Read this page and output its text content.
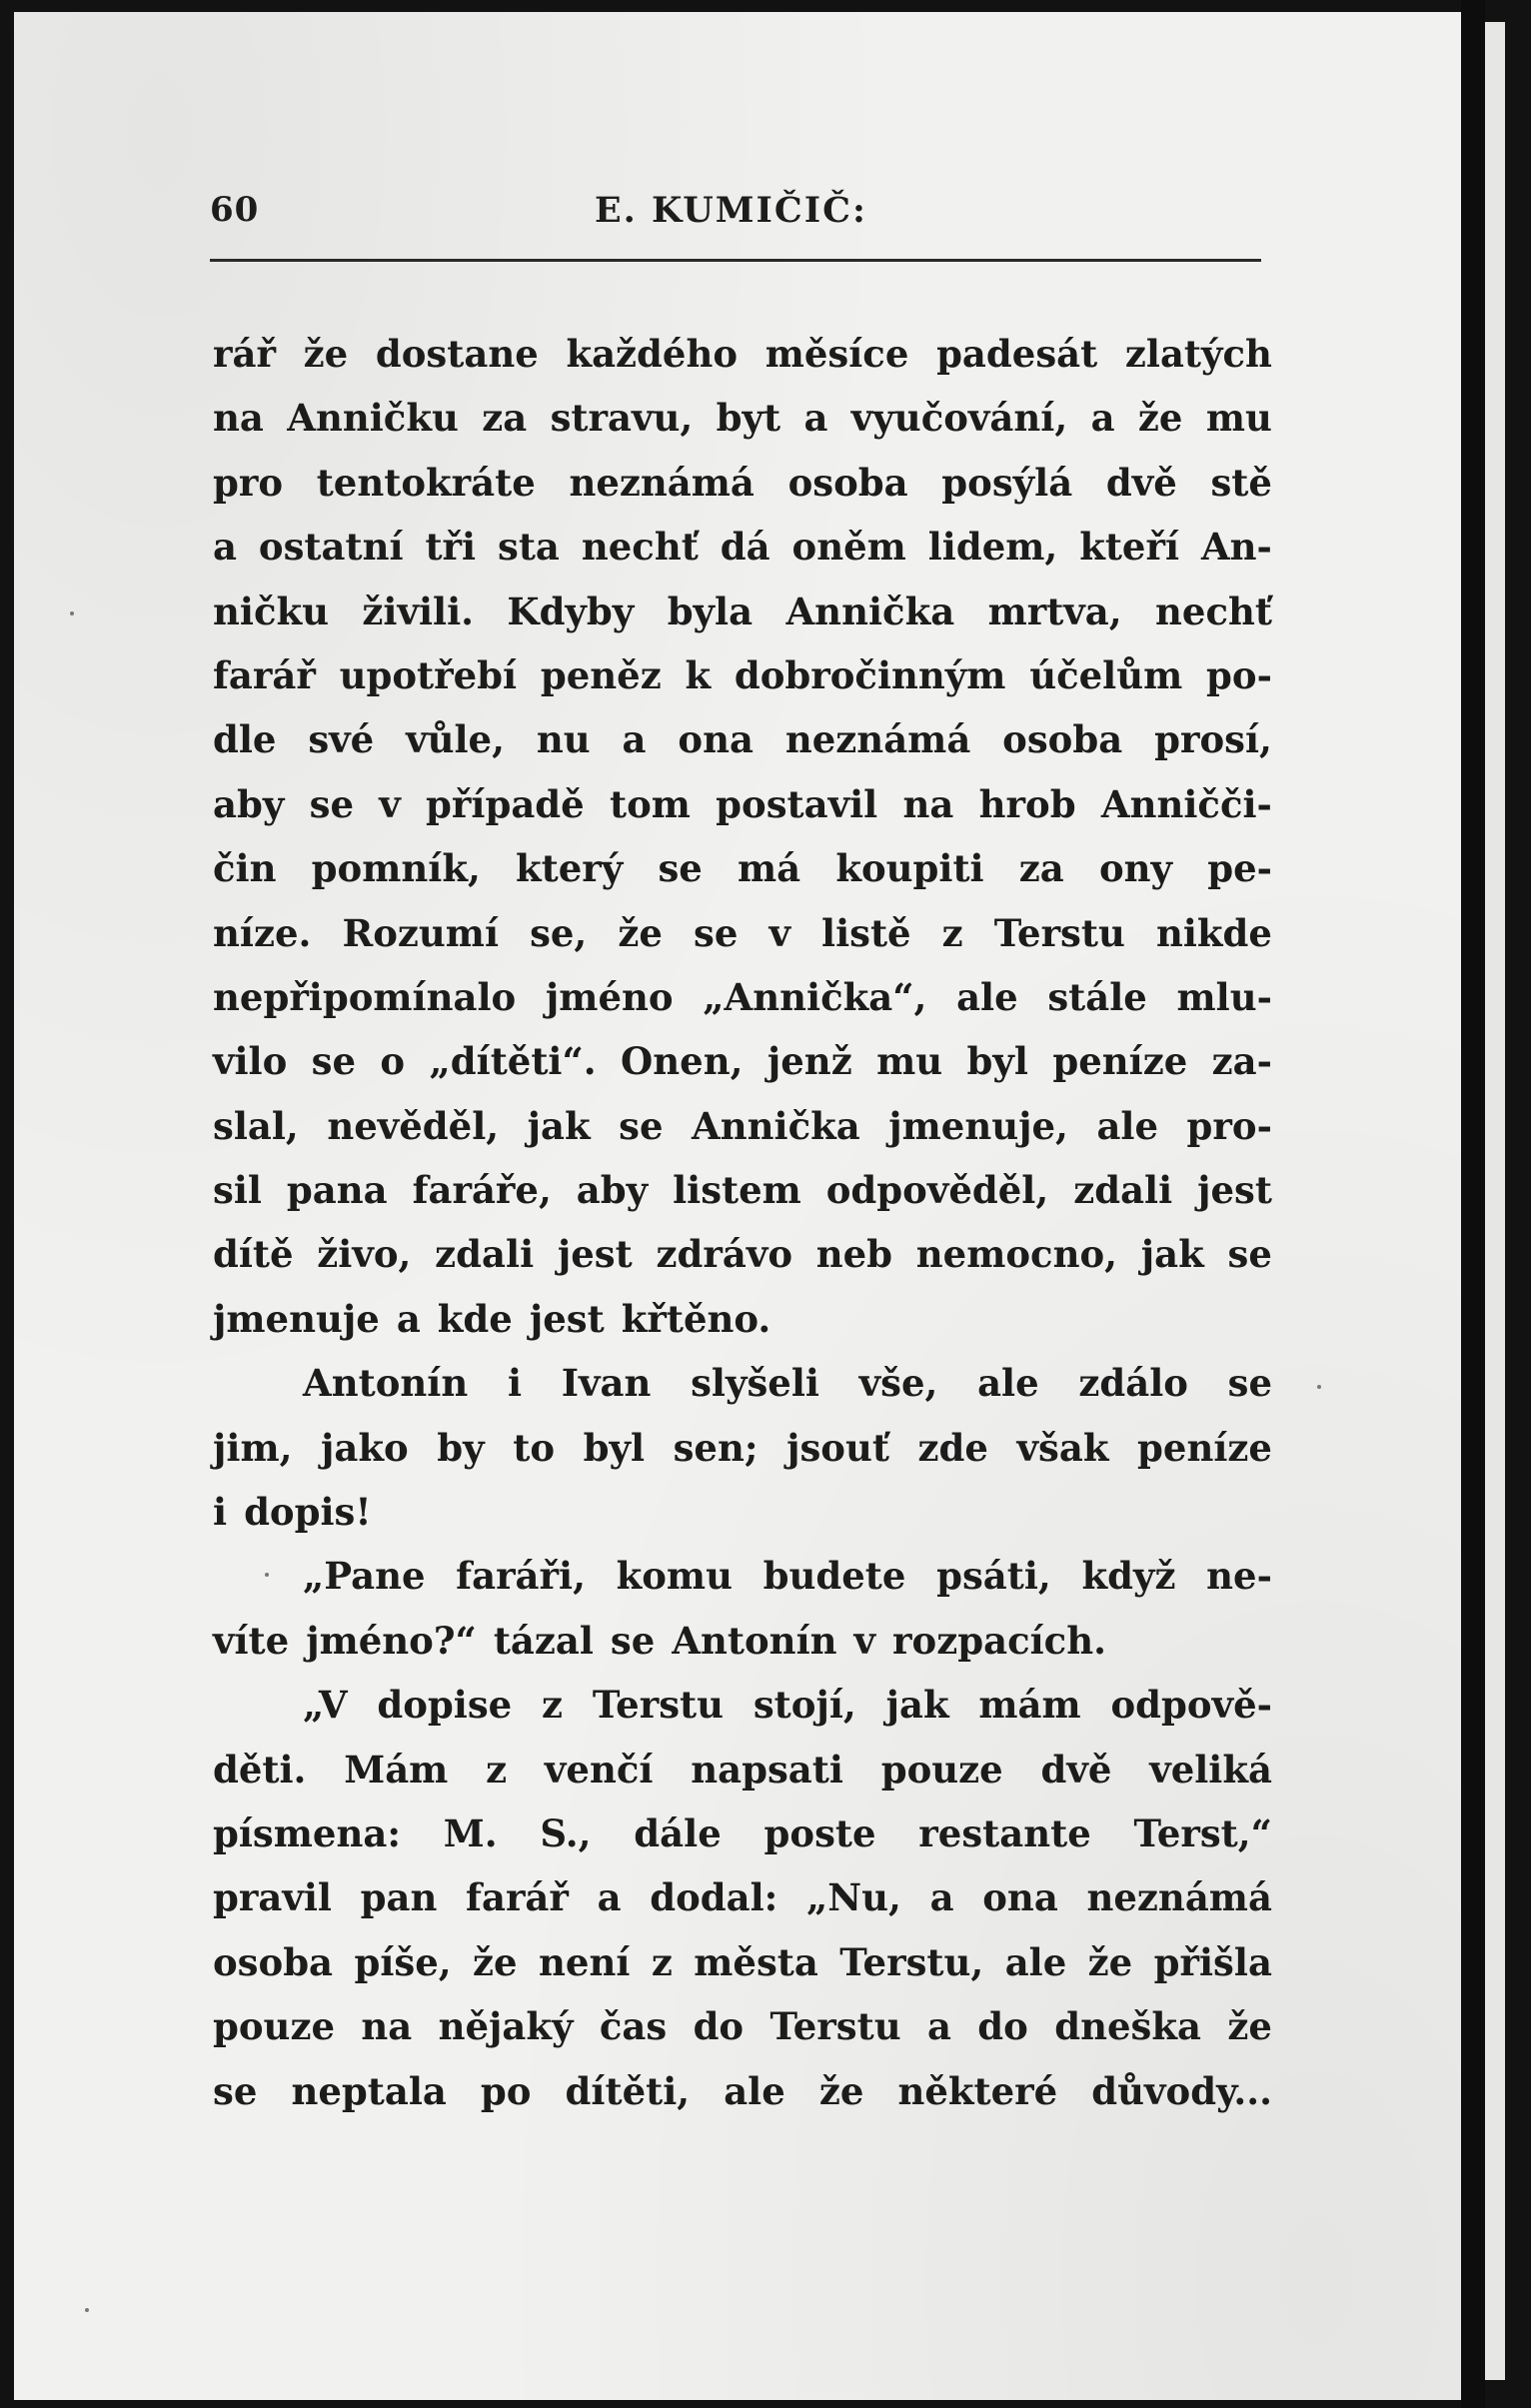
60	E. KUMIČIČ:
rář že dostane každého měsíce padesát zlatých
na Anničku za stravu, byt a vyučování, a že mu
pro tentokráte neznámá osoba posýlá dvě stě
a ostatní tři sta nechť dá oněm lidem, kteří An-
ničku živili. Kdyby byla Annička mrtva, nechť
farář upotřebí peněz k dobročinným účelům po-
dle své vůle, nu a ona neznámá osoba prosí,
aby se v případě tom postavil na hrob Anničči-
čin pomník, který se má koupiti za ony pe-
níze. Rozumí se, že se v listě z Terstu nikde
nepřipomínalo jméno „Annička“, ale stále mlu-
vilo se o „dítěti“. Onen, jenž mu byl peníze za-
slal, nevěděl, jak se Annička jmenuje, ale pro-
sil pana faráře, aby listem odpověděl, zdali jest
dítě živo, zdali jest zdrávo neb nemocno, jak se
jmenuje a kde jest křtěno.
Antonín i Ivan slyšeli vše, ale zdálo se
jim, jako by to byl sen; jsouť zde však peníze
i dopis!
„Pane faráři, komu budete psáti, když ne-
víte jméno?“ tázal se Antonín v rozpacích.
„V dopise z Terstu stojí, jak mám odpově-
děti. Mám z venčí napsati pouze dvě veliká
písmena: M. S., dále poste restante Terst,“
pravil pan farář a dodal: „Nu, a ona neznámá
osoba píše, že není z města Terstu, ale že přišla
pouze na nějaký čas do Terstu a do dneška že
se neptala po dítěti, ale že některé důvody...
